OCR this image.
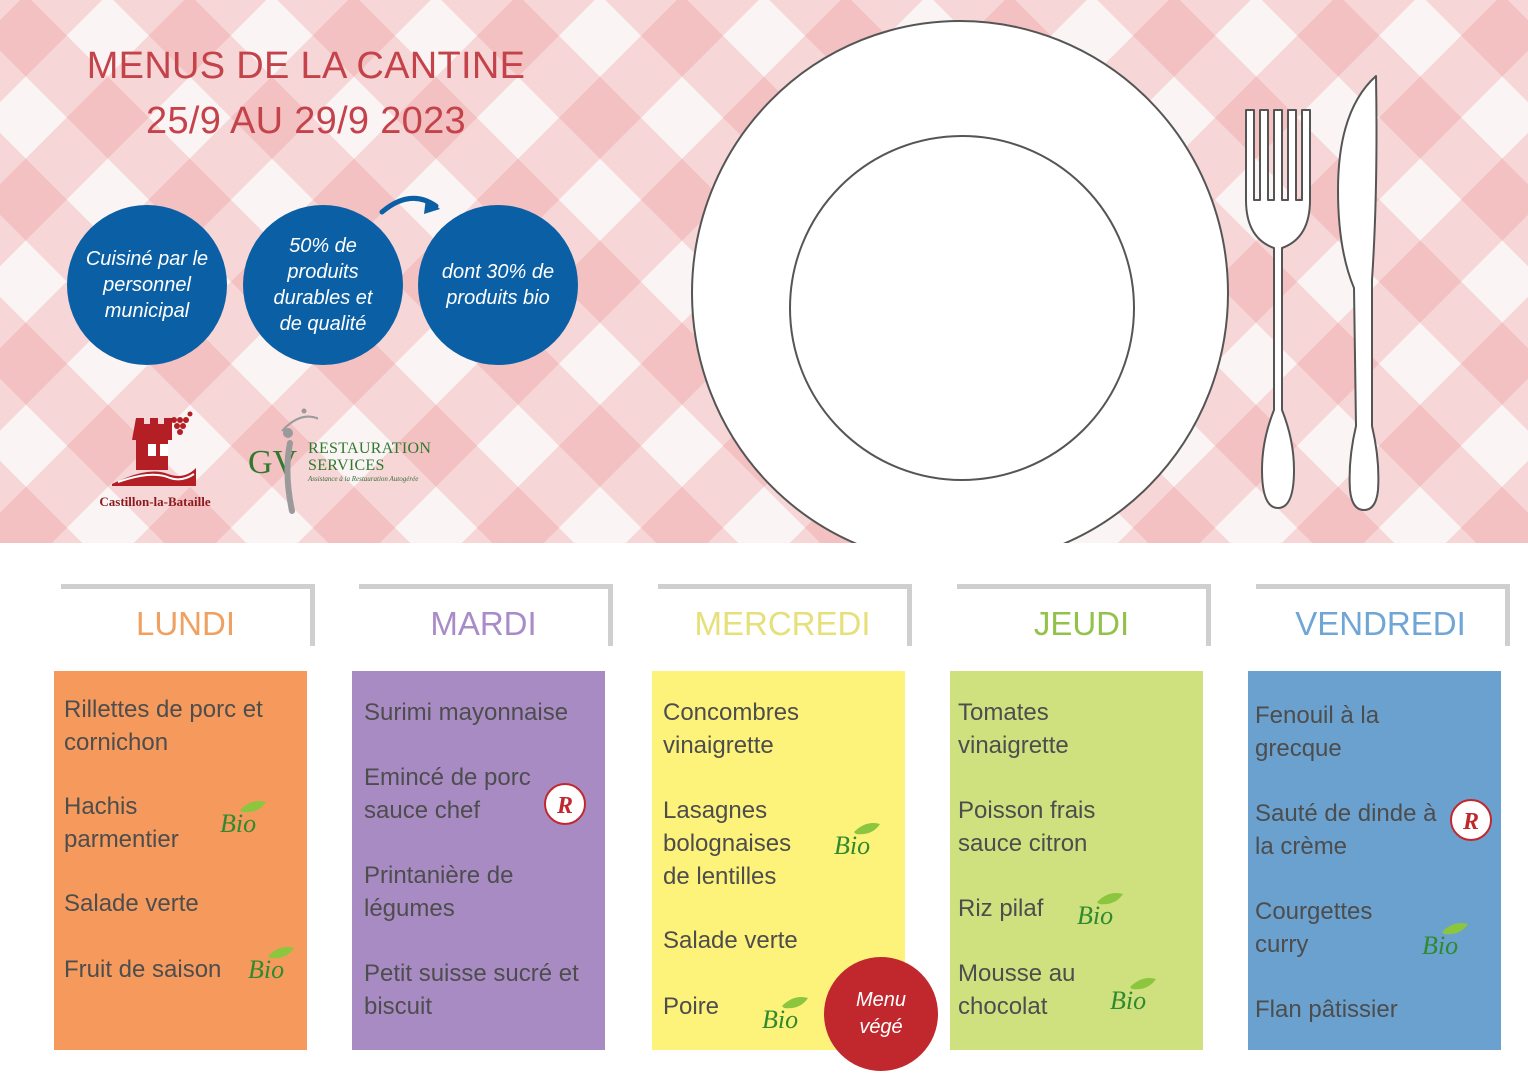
MENUS DE LA CANTINE
25/9 AU 29/9 2023
Cuisiné par le personnel municipal
50% de produits durables et de qualité
dont 30% de produits bio
Castillon-la-Bataille
GV RESTAURATION
SERVICES
Assistance à la Restauration Autogérée
LUNDI	MARDI	MERCREDI	JEUDI	VENDREDI
Rillettes de porc et cornichon
Hachis parmentier
Salade verte
Fruit de saison
Surimi mayonnaise
Emincé de porc sauce chef
Printanière de légumes
Petit suisse sucré et biscuit
Concombres vinaigrette
Lasagnes bolognaises de lentilles
Salade verte
Poire
Tomates vinaigrette
Poisson frais sauce citron
Riz pilaf
Mousse au chocolat
Fenouil à la grecque
Sauté de dinde à la crème
Courgettes curry
Flan pâtissier
Bio
Bio
Bio
Bio
Bio
Bio
Bio
R
R
Menu
végé
